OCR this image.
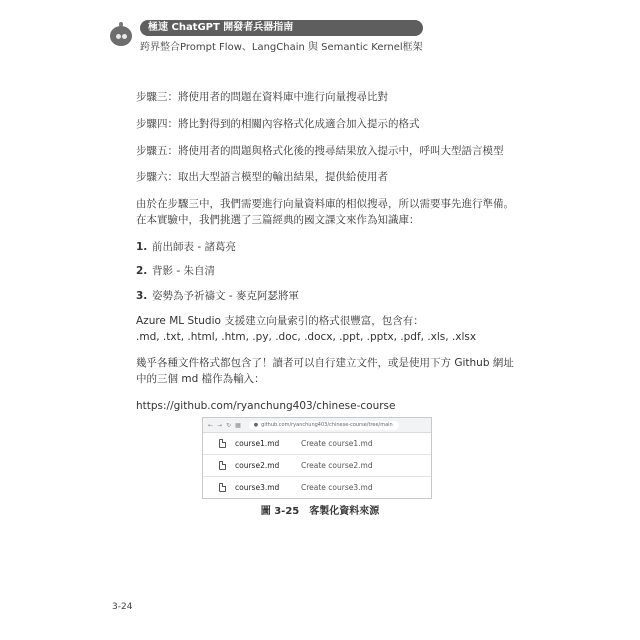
極速 ChatGPT 開發者兵器指南
跨界整合Prompt Flow、LangChain 與 Semantic Kernel框架

步驟三：將使用者的問題在資料庫中進行向量搜尋比對

步驟四：將比對得到的相關內容格式化成適合加入提示的格式

步驟五：將使用者的問題與格式化後的搜尋結果放入提示中，呼叫大型語言模型

步驟六：取出大型語言模型的輸出結果，提供給使用者

由於在步驟三中，我們需要進行向量資料庫的相似搜尋，所以需要事先進行準備。
在本實驗中，我們挑選了三篇經典的國文課文來作為知識庫：

1. 前出師表 - 諸葛亮
2. 背影 - 朱自清
3. 姿勢為予祈禱文 - 麥克阿瑟將軍

Azure ML Studio 支援建立向量索引的格式很豐富，包含有：
.md, .txt, .html, .htm, .py, .doc, .docx, .ppt, .pptx, .pdf, .xls, .xlsx

幾乎各種文件格式都包含了！讀者可以自行建立文件，或是使用下方 Github 網址
中的三個 md 檔作為輸入：

https://github.com/ryanchung403/chinese-course

← → ↻ ▦	● github.com/ryanchung403/chinese-course/tree/main
course1.md	Create course1.md
course2.md	Create course2.md
course3.md	Create course3.md
圖 3-25 客製化資料來源
3-24
